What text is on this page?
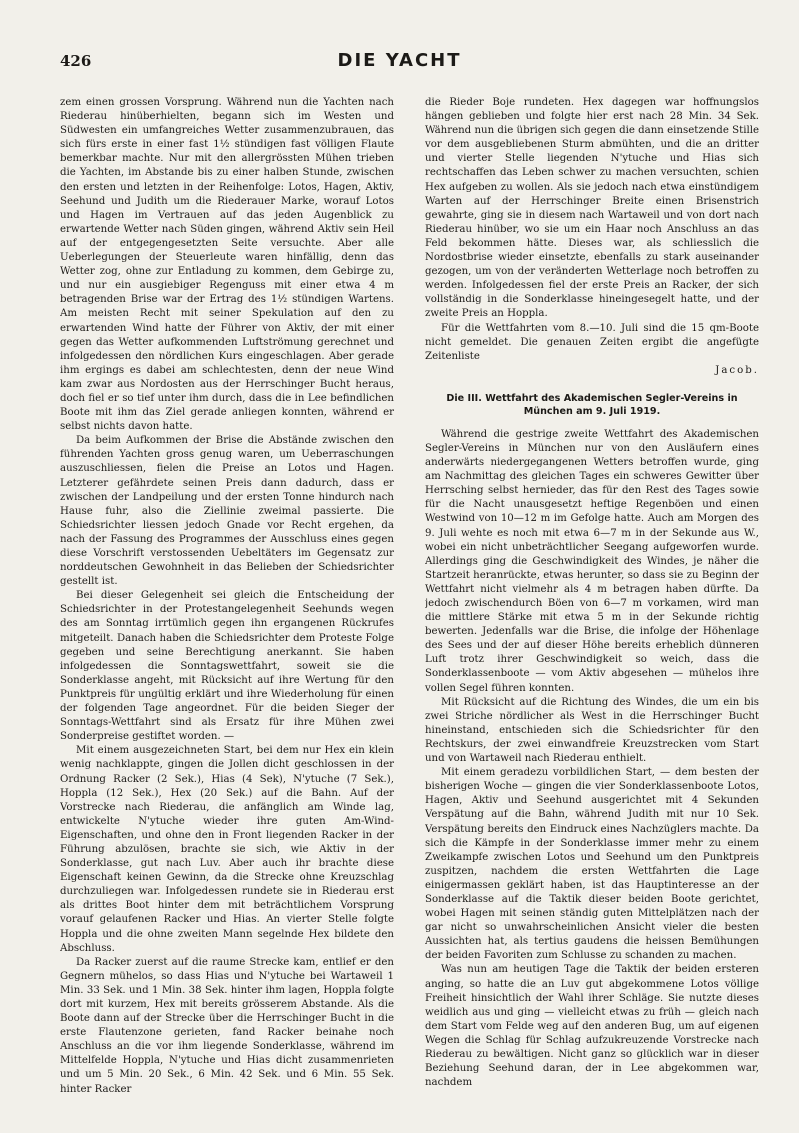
426	DIE YACHT

zem einen grossen Vorsprung. Während nun die Yachten nach Riederau hinüberhielten, begann sich im Westen und Südwesten ein umfangreiches Wetter zusammenzubrauen, das sich fürs erste in einer fast 1½ stündigen fast völligen Flaute bemerkbar machte. Nur mit den allergrössten Mühen trieben die Yachten, im Abstande bis zu einer halben Stunde, zwischen den ersten und letzten in der Reihenfolge: Lotos, Hagen, Aktiv, Seehund und Judith um die Riederauer Marke, worauf Lotos und Hagen im Vertrauen auf das jeden Augenblick zu erwartende Wetter nach Süden gingen, während Aktiv sein Heil auf der entgegengesetzten Seite versuchte. Aber alle Ueberlegungen der Steuerleute waren hinfällig, denn das Wetter zog, ohne zur Entladung zu kommen, dem Gebirge zu, und nur ein ausgiebiger Regenguss mit einer etwa 4 m betragenden Brise war der Ertrag des 1½ stündigen Wartens. Am meisten Recht mit seiner Spekulation auf den zu erwartenden Wind hatte der Führer von Aktiv, der mit einer gegen das Wetter aufkommenden Luftströmung gerechnet und infolgedessen den nördlichen Kurs eingeschlagen. Aber gerade ihm ergings es dabei am schlechtesten, denn der neue Wind kam zwar aus Nordosten aus der Herrschinger Bucht heraus, doch fiel er so tief unter ihm durch, dass die in Lee befindlichen Boote mit ihm das Ziel gerade anliegen konnten, während er selbst nichts davon hatte.

Da beim Aufkommen der Brise die Abstände zwischen den führenden Yachten gross genug waren, um Ueberraschungen auszuschliessen, fielen die Preise an Lotos und Hagen. Letzterer gefährdete seinen Preis dann dadurch, dass er zwischen der Landpeilung und der ersten Tonne hindurch nach Hause fuhr, also die Ziellinie zweimal passierte. Die Schiedsrichter liessen jedoch Gnade vor Recht ergehen, da nach der Fassung des Programmes der Ausschluss eines gegen diese Vorschrift verstossenden Uebeltäters im Gegensatz zur norddeutschen Gewohnheit in das Belieben der Schiedsrichter gestellt ist.

Bei dieser Gelegenheit sei gleich die Entscheidung der Schiedsrichter in der Protestangelegenheit Seehunds wegen des am Sonntag irrtümlich gegen ihn ergangenen Rückrufes mitgeteilt. Danach haben die Schiedsrichter dem Proteste Folge gegeben und seine Berechtigung anerkannt. Sie haben infolgedessen die Sonntagswettfahrt, soweit sie die Sonderklasse angeht, mit Rücksicht auf ihre Wertung für den Punktpreis für ungültig erklärt und ihre Wiederholung für einen der folgenden Tage angeordnet. Für die beiden Sieger der Sonntags-Wettfahrt sind als Ersatz für ihre Mühen zwei Sonderpreise gestiftet worden. —

Mit einem ausgezeichneten Start, bei dem nur Hex ein klein wenig nachklappte, gingen die Jollen dicht geschlossen in der Ordnung Racker (2 Sek.), Hias (4 Sek), N'ytuche (7 Sek.), Hoppla (12 Sek.), Hex (20 Sek.) auf die Bahn. Auf der Vorstrecke nach Riederau, die anfänglich am Winde lag, entwickelte N'ytuche wieder ihre guten Am-Wind-Eigenschaften, und ohne den in Front liegenden Racker in der Führung abzulösen, brachte sie sich, wie Aktiv in der Sonderklasse, gut nach Luv. Aber auch ihr brachte diese Eigenschaft keinen Gewinn, da die Strecke ohne Kreuzschlag durchzuliegen war. Infolgedessen rundete sie in Riederau erst als drittes Boot hinter dem mit beträchtlichem Vorsprung vorauf gelaufenen Racker und Hias. An vierter Stelle folgte Hoppla und die ohne zweiten Mann segelnde Hex bildete den Abschluss.

Da Racker zuerst auf die raume Strecke kam, entlief er den Gegnern mühelos, so dass Hias und N'ytuche bei Wartaweil 1 Min. 33 Sek. und 1 Min. 38 Sek. hinter ihm lagen, Hoppla folgte dort mit kurzem, Hex mit bereits grösserem Abstande. Als die Boote dann auf der Strecke über die Herrschinger Bucht in die erste Flautenzone gerieten, fand Racker beinahe noch Anschluss an die vor ihm liegende Sonderklasse, während im Mittelfelde Hoppla, N'ytuche und Hias dicht zusammenrieten und um 5 Min. 20 Sek., 6 Min. 42 Sek. und 6 Min. 55 Sek. hinter Racker

die Rieder Boje rundeten. Hex dagegen war hoffnungslos hängen geblieben und folgte hier erst nach 28 Min. 34 Sek. Während nun die übrigen sich gegen die dann einsetzende Stille vor dem ausgebliebenen Sturm abmühten, und die an dritter und vierter Stelle liegenden N'ytuche und Hias sich rechtschaffen das Leben schwer zu machen versuchten, schien Hex aufgeben zu wollen. Als sie jedoch nach etwa einstündigem Warten auf der Herrschinger Breite einen Brisenstrich gewahrte, ging sie in diesem nach Wartaweil und von dort nach Riederau hinüber, wo sie um ein Haar noch Anschluss an das Feld bekommen hätte. Dieses war, als schliesslich die Nordostbrise wieder einsetzte, ebenfalls zu stark auseinander gezogen, um von der veränderten Wetterlage noch betroffen zu werden. Infolgedessen fiel der erste Preis an Racker, der sich vollständig in die Sonderklasse hineingesegelt hatte, und der zweite Preis an Hoppla.

Für die Wettfahrten vom 8.—10. Juli sind die 15 qm-Boote nicht gemeldet. Die genauen Zeiten ergibt die angefügte Zeitenliste

Jacob.

Die III. Wettfahrt des Akademischen Segler-Vereins in München am 9. Juli 1919.

Während die gestrige zweite Wettfahrt des Akademischen Segler-Vereins in München nur von den Ausläufern eines anderwärts niedergegangenen Wetters betroffen wurde, ging am Nachmittag des gleichen Tages ein schweres Gewitter über Herrsching selbst hernieder, das für den Rest des Tages sowie für die Nacht unausgesetzt heftige Regenböen und einen Westwind von 10—12 m im Gefolge hatte. Auch am Morgen des 9. Juli wehte es noch mit etwa 6—7 m in der Sekunde aus W., wobei ein nicht unbeträchtlicher Seegang aufgeworfen wurde. Allerdings ging die Geschwindigkeit des Windes, je näher die Startzeit heranrückte, etwas herunter, so dass sie zu Beginn der Wettfahrt nicht vielmehr als 4 m betragen haben dürfte. Da jedoch zwischendurch Böen von 6—7 m vorkamen, wird man die mittlere Stärke mit etwa 5 m in der Sekunde richtig bewerten. Jedenfalls war die Brise, die infolge der Höhenlage des Sees und der auf dieser Höhe bereits erheblich dünneren Luft trotz ihrer Geschwindigkeit so weich, dass die Sonderklassenboote — vom Aktiv abgesehen — mühelos ihre vollen Segel führen konnten.

Mit Rücksicht auf die Richtung des Windes, die um ein bis zwei Striche nördlicher als West in die Herrschinger Bucht hineinstand, entschieden sich die Schiedsrichter für den Rechtskurs, der zwei einwandfreie Kreuzstrecken vom Start und von Wartaweil nach Riederau enthielt.

Mit einem geradezu vorbildlichen Start, — dem besten der bisherigen Woche — gingen die vier Sonderklassenboote Lotos, Hagen, Aktiv und Seehund ausgerichtet mit 4 Sekunden Verspätung auf die Bahn, während Judith mit nur 10 Sek. Verspätung bereits den Eindruck eines Nachzüglers machte. Da sich die Kämpfe in der Sonderklasse immer mehr zu einem Zweikampfe zwischen Lotos und Seehund um den Punktpreis zuspitzen, nachdem die ersten Wettfahrten die Lage einigermassen geklärt haben, ist das Hauptinteresse an der Sonderklasse auf die Taktik dieser beiden Boote gerichtet, wobei Hagen mit seinen ständig guten Mittelplätzen nach der gar nicht so unwahrscheinlichen Ansicht vieler die besten Aussichten hat, als tertius gaudens die heissen Bemühungen der beiden Favoriten zum Schlusse zu schanden zu machen.

Was nun am heutigen Tage die Taktik der beiden ersteren anging, so hatte die an Luv gut abgekommene Lotos völlige Freiheit hinsichtlich der Wahl ihrer Schläge. Sie nutzte dieses weidlich aus und ging — vielleicht etwas zu früh — gleich nach dem Start vom Felde weg auf den anderen Bug, um auf eigenen Wegen die Schlag für Schlag aufzukreuzende Vorstrecke nach Riederau zu bewältigen. Nicht ganz so glücklich war in dieser Beziehung Seehund daran, der in Lee abgekommen war, nachdem
